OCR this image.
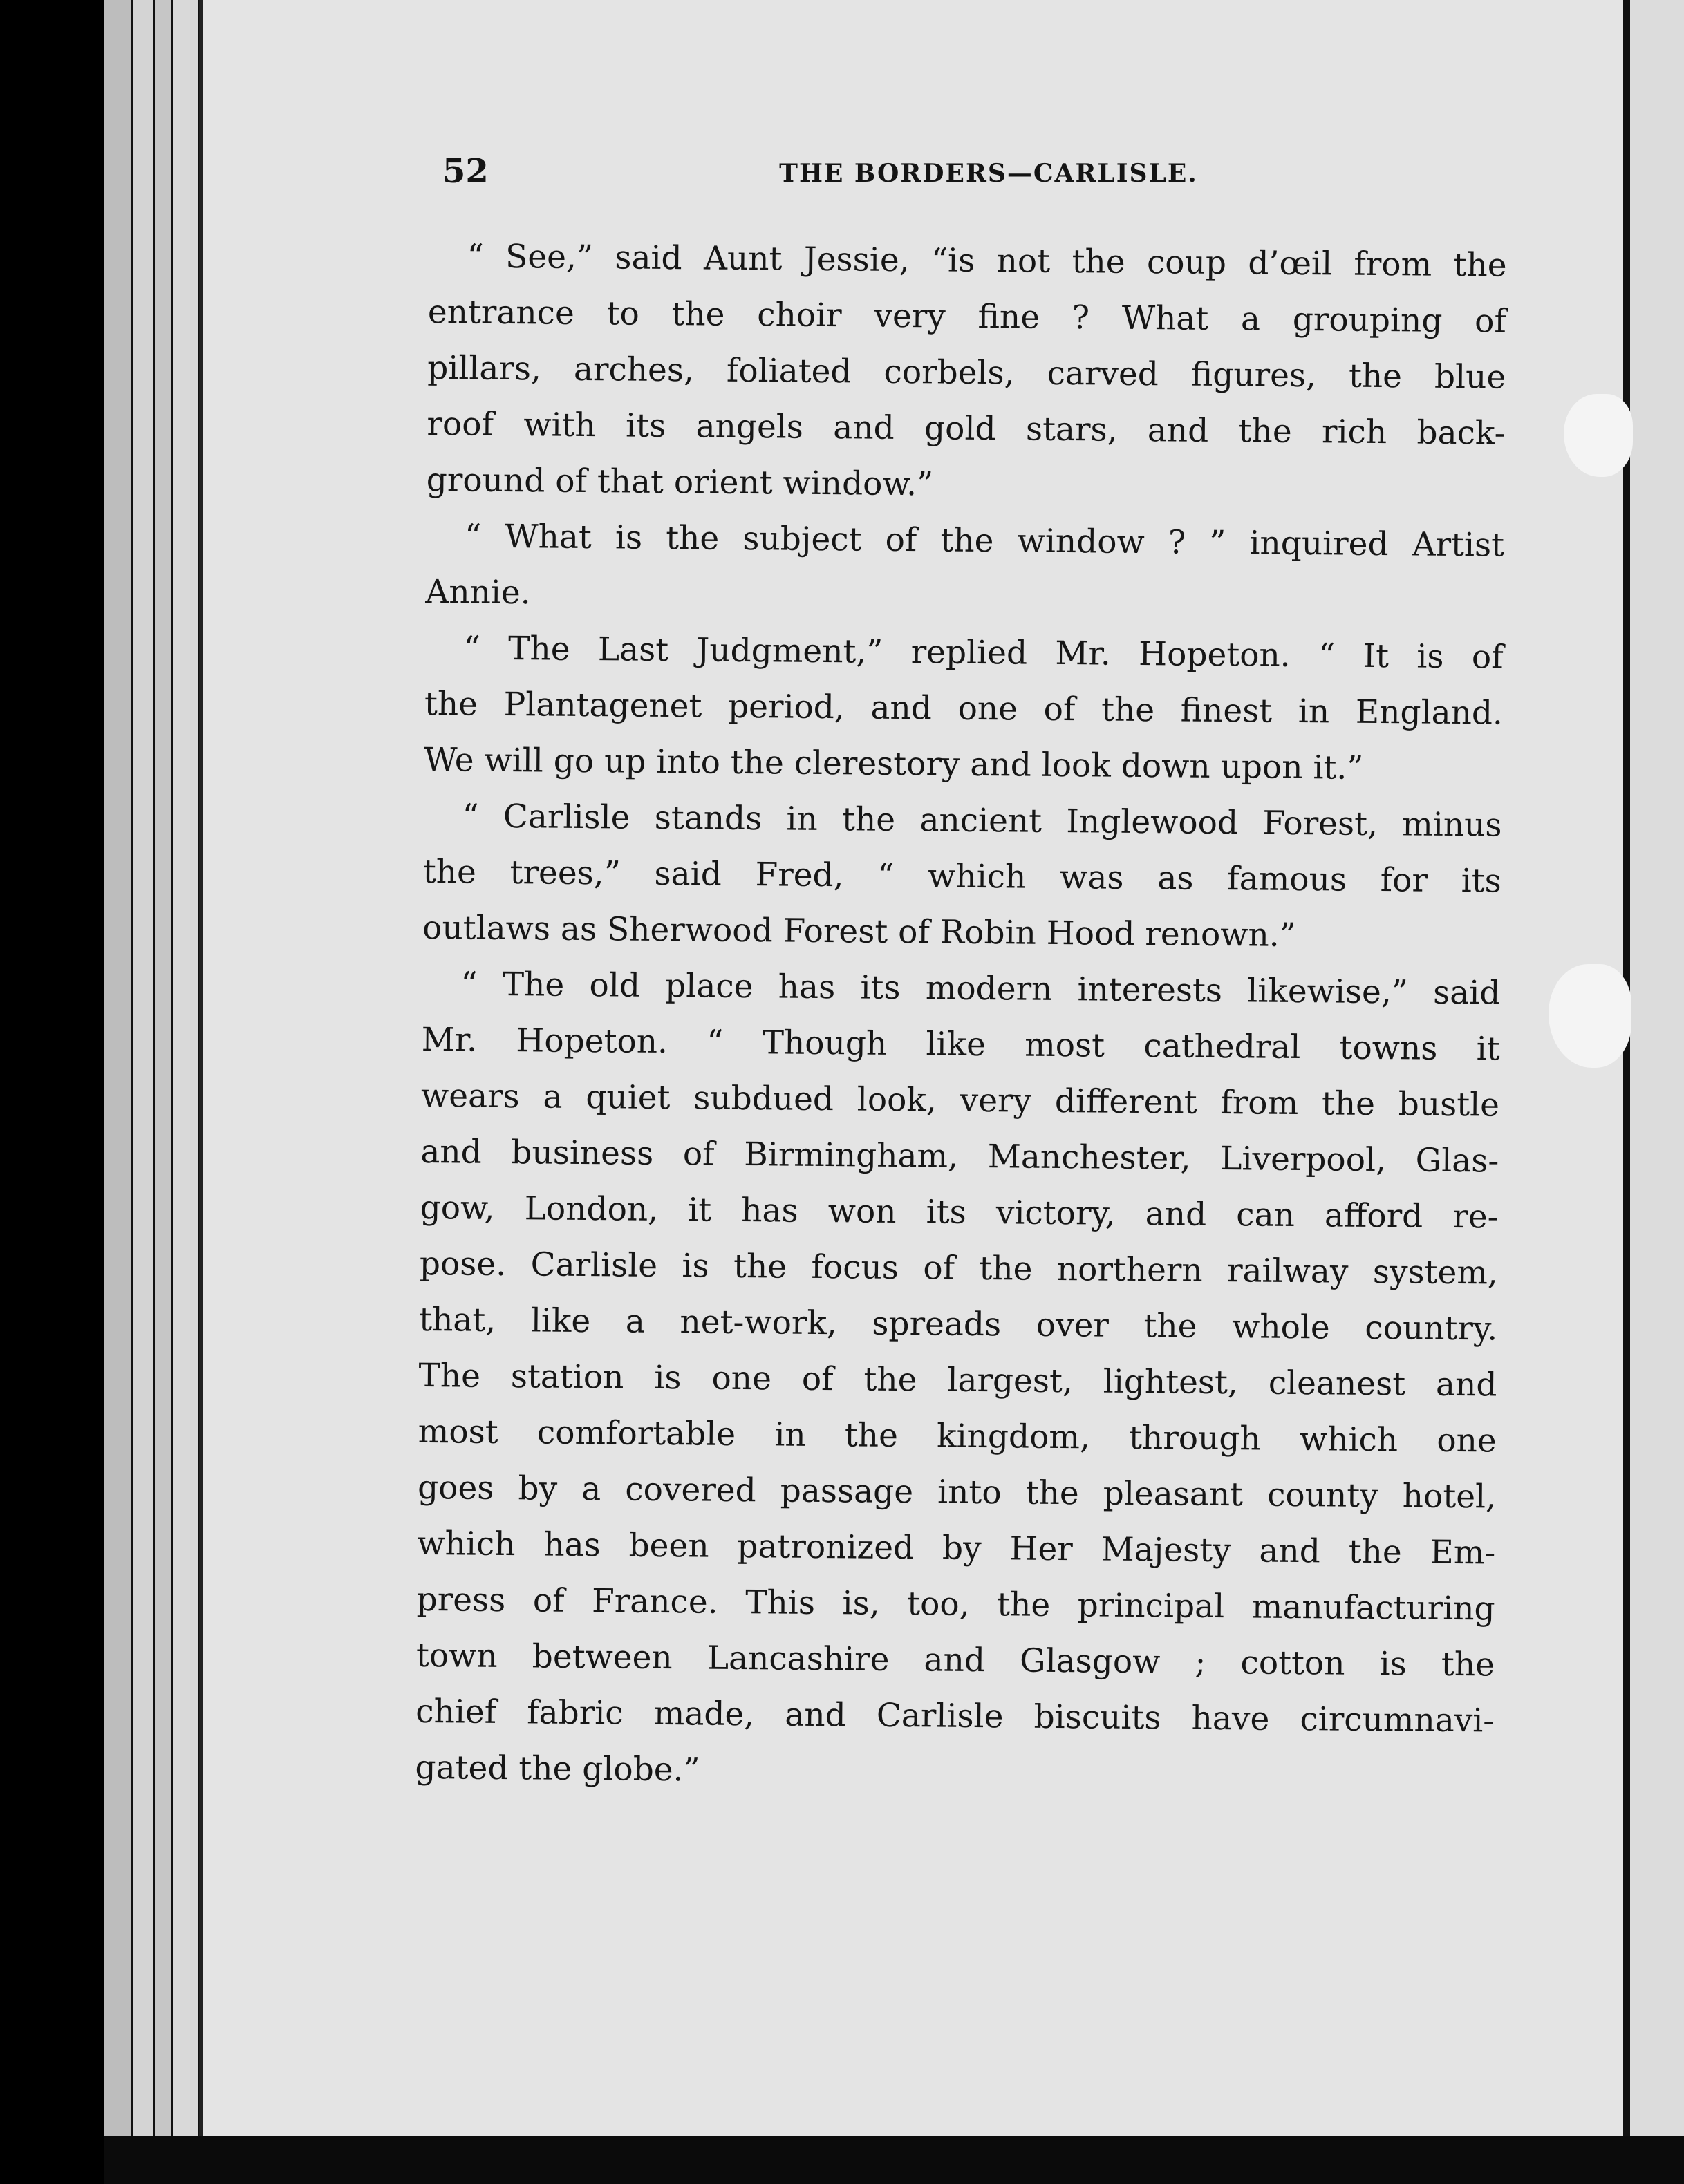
52	THE BORDERS—CARLISLE.

“ See,” said Aunt Jessie, “is not the coup d’œil from the
entrance to the choir very fine ? What a grouping of
pillars, arches, foliated corbels, carved figures, the blue
roof with its angels and gold stars, and the rich back-
ground of that orient window.”

“ What is the subject of the window ? ” inquired Artist
Annie.

“ The Last Judgment,” replied Mr. Hopeton. “ It is of
the Plantagenet period, and one of the finest in England.
We will go up into the clerestory and look down upon it.”

“ Carlisle stands in the ancient Inglewood Forest, minus
the trees,” said Fred, “ which was as famous for its
outlaws as Sherwood Forest of Robin Hood renown.”

“ The old place has its modern interests likewise,” said
Mr. Hopeton. “ Though like most cathedral towns it
wears a quiet subdued look, very different from the bustle
and business of Birmingham, Manchester, Liverpool, Glas-
gow, London, it has won its victory, and can afford re-
pose. Carlisle is the focus of the northern railway system,
that, like a net-work, spreads over the whole country.
The station is one of the largest, lightest, cleanest and
most comfortable in the kingdom, through which one
goes by a covered passage into the pleasant county hotel,
which has been patronized by Her Majesty and the Em-
press of France. This is, too, the principal manufacturing
town between Lancashire and Glasgow ; cotton is the
chief fabric made, and Carlisle biscuits have circumnavi-
gated the globe.”
